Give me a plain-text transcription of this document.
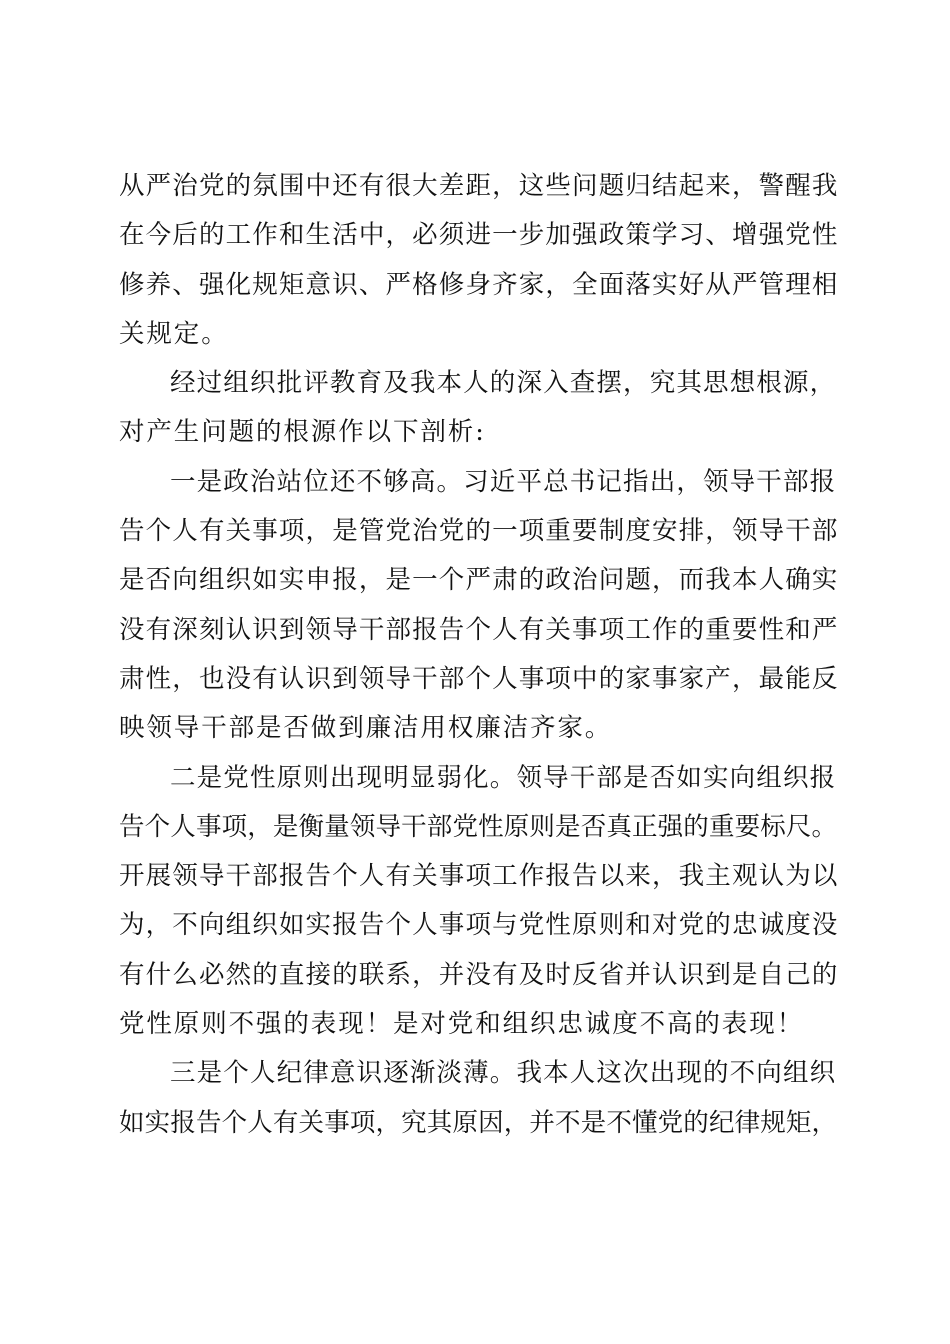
从严治党的氛围中还有很大差距，这些问题归结起来，警醒我
在今后的工作和生活中，必须进一步加强政策学习、增强党性
修养、强化规矩意识、严格修身齐家，全面落实好从严管理相
关规定。
经过组织批评教育及我本人的深入查摆，究其思想根源，
对产生问题的根源作以下剖析:
一是政治站位还不够高。习近平总书记指出，领导干部报
告个人有关事项，是管党治党的一项重要制度安排，领导干部
是否向组织如实申报，是一个严肃的政治问题，而我本人确实
没有深刻认识到领导干部报告个人有关事项工作的重要性和严
肃性，也没有认识到领导干部个人事项中的家事家产，最能反
映领导干部是否做到廉洁用权廉洁齐家。
二是党性原则出现明显弱化。领导干部是否如实向组织报
告个人事项，是衡量领导干部党性原则是否真正强的重要标尺。
开展领导干部报告个人有关事项工作报告以来，我主观认为以
为，不向组织如实报告个人事项与党性原则和对党的忠诚度没
有什么必然的直接的联系，并没有及时反省并认识到是自己的
党性原则不强的表现！是对党和组织忠诚度不高的表现！
三是个人纪律意识逐渐淡薄。我本人这次出现的不向组织
如实报告个人有关事项，究其原因，并不是不懂党的纪律规矩，
